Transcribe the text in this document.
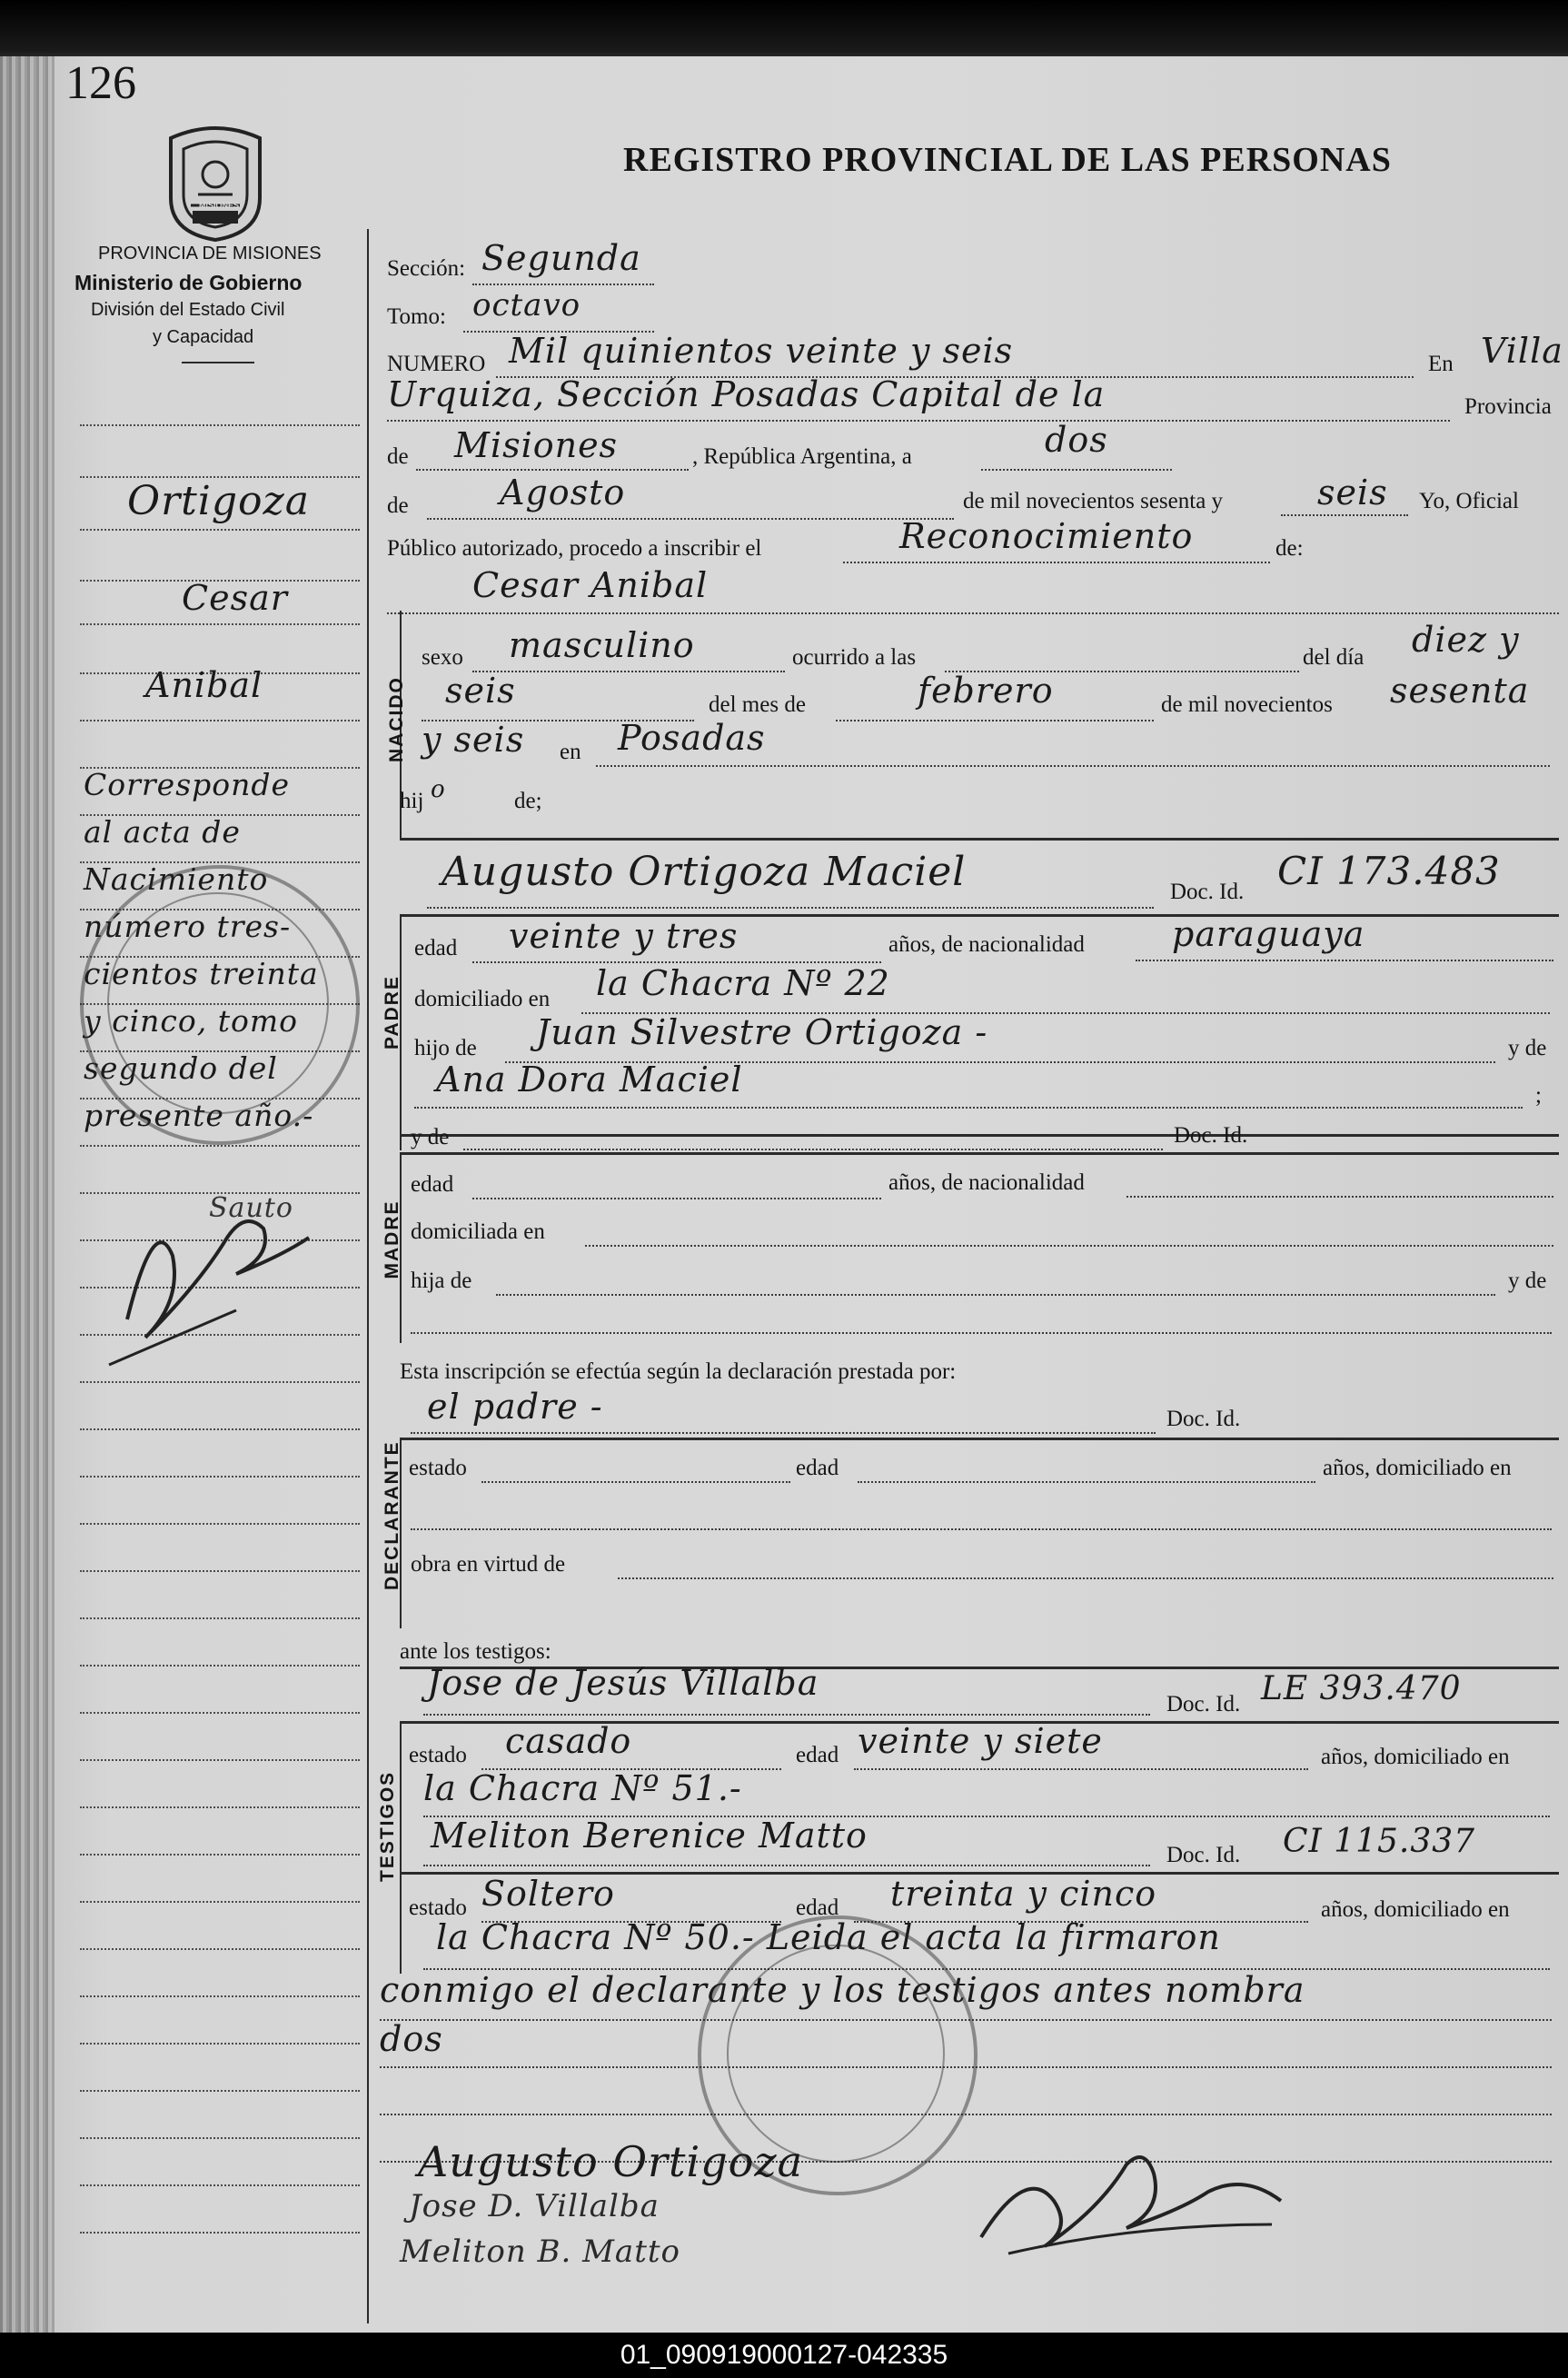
126
MISIONES
REGISTRO PROVINCIAL DE LAS PERSONAS
PROVINCIA DE MISIONES
Ministerio de Gobierno
División del Estado Civil
y Capacidad
Ortigoza
Cesar
Anibal
Corresponde
al acta de
Nacimiento
número tres-
cientos treinta
y cinco, tomo
segundo del
presente año.-
Sauto
Sección: Segunda
Tomo: octavo
NUMERO Mil quinientos veinte y seis	En Villa
Urquiza, Sección Posadas Capital de la	Provincia
de Misiones	, República Argentina, a	dos
de	Agosto	de mil novecientos sesenta y	seis Yo, Oficial
Público autorizado, procedo a inscribir el	Reconocimiento	de:
Cesar Anibal
NACIDO
sexo masculino	ocurrido a las	del día diez y
seis	del mes de	febrero	de mil novecientos sesenta
y seis en Posadas
hij o	de;
Augusto Ortigoza Maciel	Doc. Id. CI 173.483
PADRE
edad veinte y tres	años, de nacionalidad	paraguaya
domiciliado en la Chacra Nº 22
hijo de Juan Silvestre Ortigoza -	y de
Ana Dora Maciel	;
y de	Doc. Id.
MADRE
edad	años, de nacionalidad
domiciliada en
hija de	y de
Esta inscripción se efectúa según la declaración prestada por:
el padre -	Doc. Id.
DECLARANTE estado	edad	años, domiciliado en
obra en virtud de
ante los testigos:
Jose de Jesús Villalba
Doc. Id. LE 393.470
TESTIGOS
estado casado	edad veinte y siete	años, domiciliado en
la Chacra Nº 51.-
Meliton Berenice Matto	Doc. Id. CI 115.337
estado Soltero	edad treinta y cinco	años, domiciliado en
la Chacra Nº 50.- Leida el acta la firmaron
conmigo el declarante y los testigos antes nombra
dos
Augusto Ortigoza
Jose D. Villalba
Meliton B. Matto
01_090919000127-042335
